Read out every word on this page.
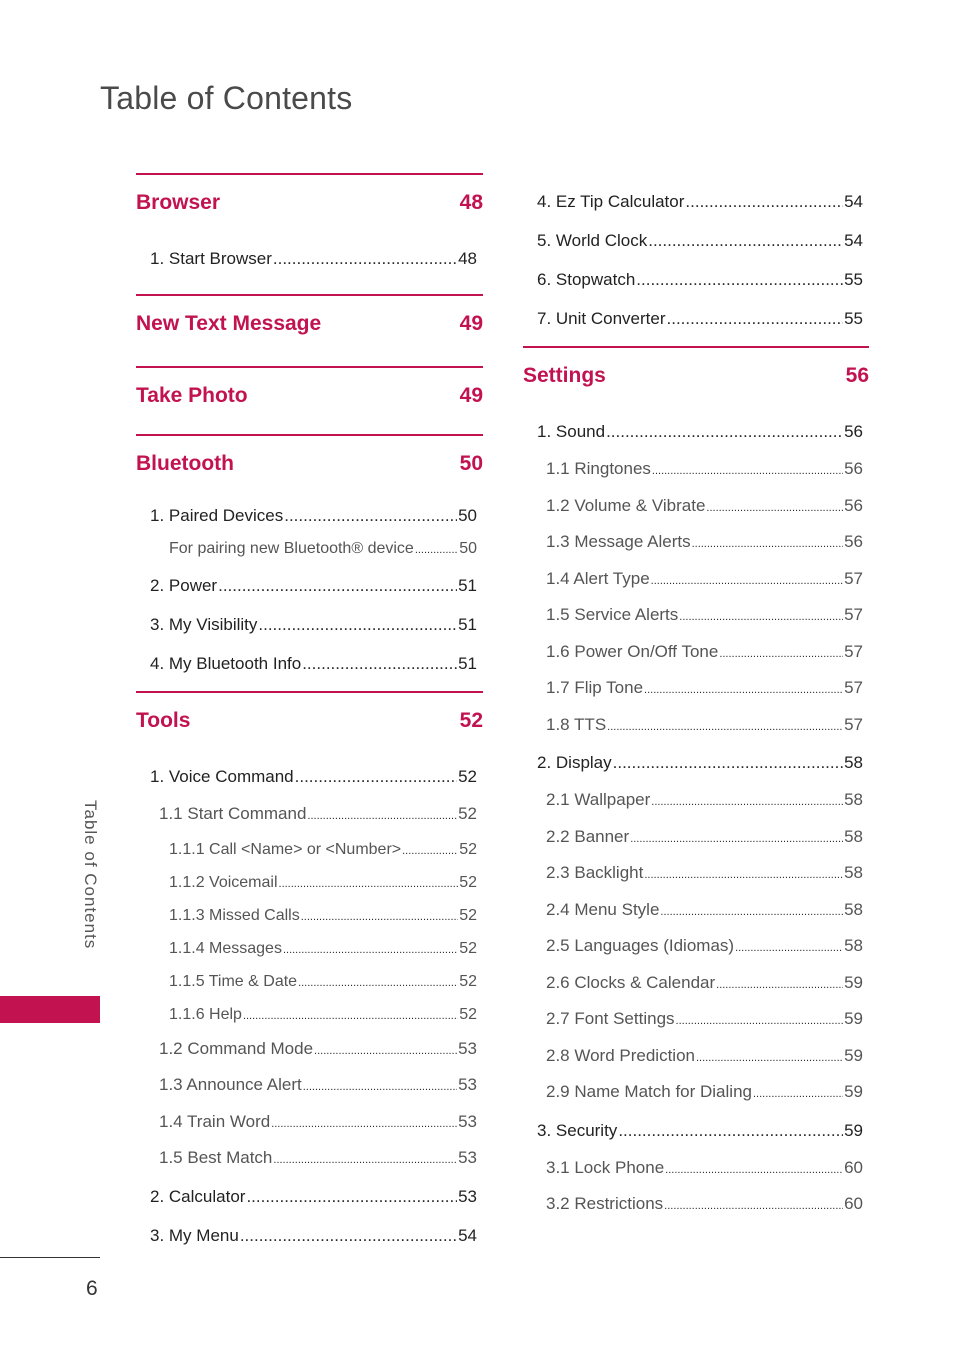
Table of Contents
Browser	48
1. Start Browser .....	48
New Text Message	49
Take Photo	49
Bluetooth	50
1. Paired Devices .....	50
For pairing new Bluetooth® device .....	50
2. Power .....	51
3. My Visibility .....	51
4. My Bluetooth Info .....	51
Tools	52
1. Voice Command .....	52
1.1 Start Command .....	52
1.1.1 Call <Name> or <Number> .....	52
1.1.2 Voicemail .....	52
1.1.3 Missed Calls .....	52
1.1.4 Messages .....	52
1.1.5 Time & Date .....	52
1.1.6 Help .....	52
1.2 Command Mode .....	53
1.3 Announce Alert .....	53
1.4 Train Word .....	53
1.5 Best Match .....	53
2. Calculator .....	53
3. My Menu .....	54
4. Ez Tip Calculator .....	54
5. World Clock .....	54
6. Stopwatch .....	55
7. Unit Converter .....	55
Settings	56
1. Sound .....	56
1.1 Ringtones .....	56
1.2 Volume & Vibrate .....	56
1.3 Message Alerts .....	56
1.4 Alert Type .....	57
1.5 Service Alerts .....	57
1.6 Power On/Off Tone .....	57
1.7 Flip Tone .....	57
1.8 TTS .....	57
2. Display .....	58
2.1 Wallpaper .....	58
2.2 Banner .....	58
2.3 Backlight .....	58
2.4 Menu Style .....	58
2.5 Languages (Idiomas) .....	58
2.6 Clocks & Calendar .....	59
2.7 Font Settings .....	59
2.8 Word Prediction .....	59
2.9 Name Match for Dialing .....	59
3. Security .....	59
3.1 Lock Phone .....	60
3.2 Restrictions .....	60
Table of Contents
6
